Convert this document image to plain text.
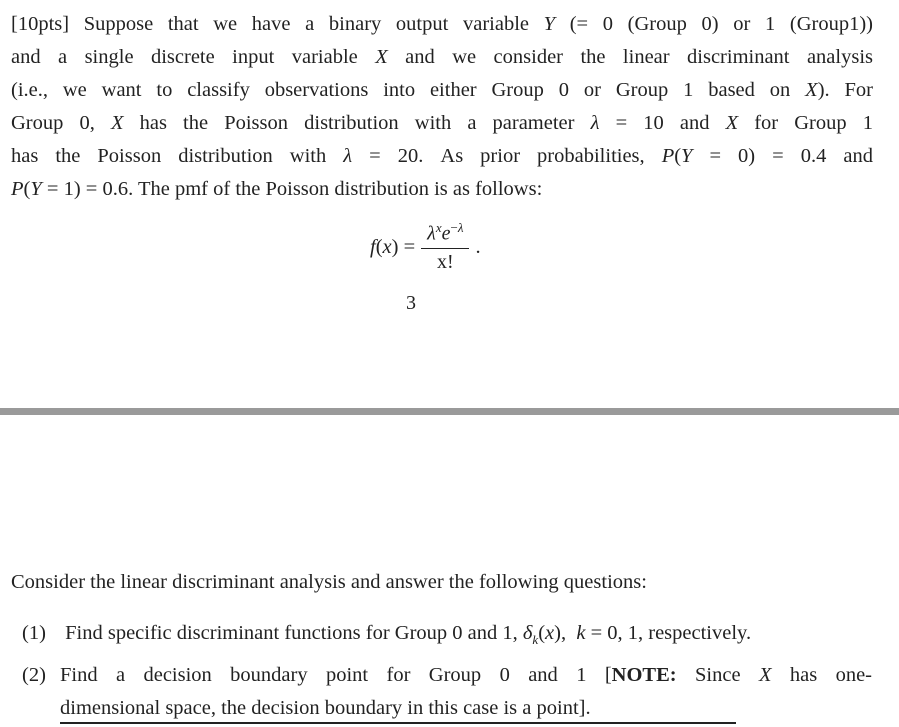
[10pts] Suppose that we have a binary output variable Y (= 0 (Group 0) or 1 (Group1))
and a single discrete input variable X and we consider the linear discriminant analysis
(i.e., we want to classify observations into either Group 0 or Group 1 based on X). For
Group 0, X has the Poisson distribution with a parameter λ = 10 and X for Group 1
has the Poisson distribution with λ = 20. As prior probabilities, P(Y = 0) = 0.4 and
P(Y = 1) = 0.6. The pmf of the Poisson distribution is as follows:
$f(x) = \frac{\lambda^xe^{-\lambda}}{x!}$ .
3
Consider the linear discriminant analysis and answer the following questions:
(1) Find specific discriminant functions for Group 0 and 1, $\delta_k(x)$,  k = 0, 1, respectively.
(2) Find a decision boundary point for Group 0 and 1 [NOTE: Since X has one-
dimensional space, the decision boundary in this case is a point].
